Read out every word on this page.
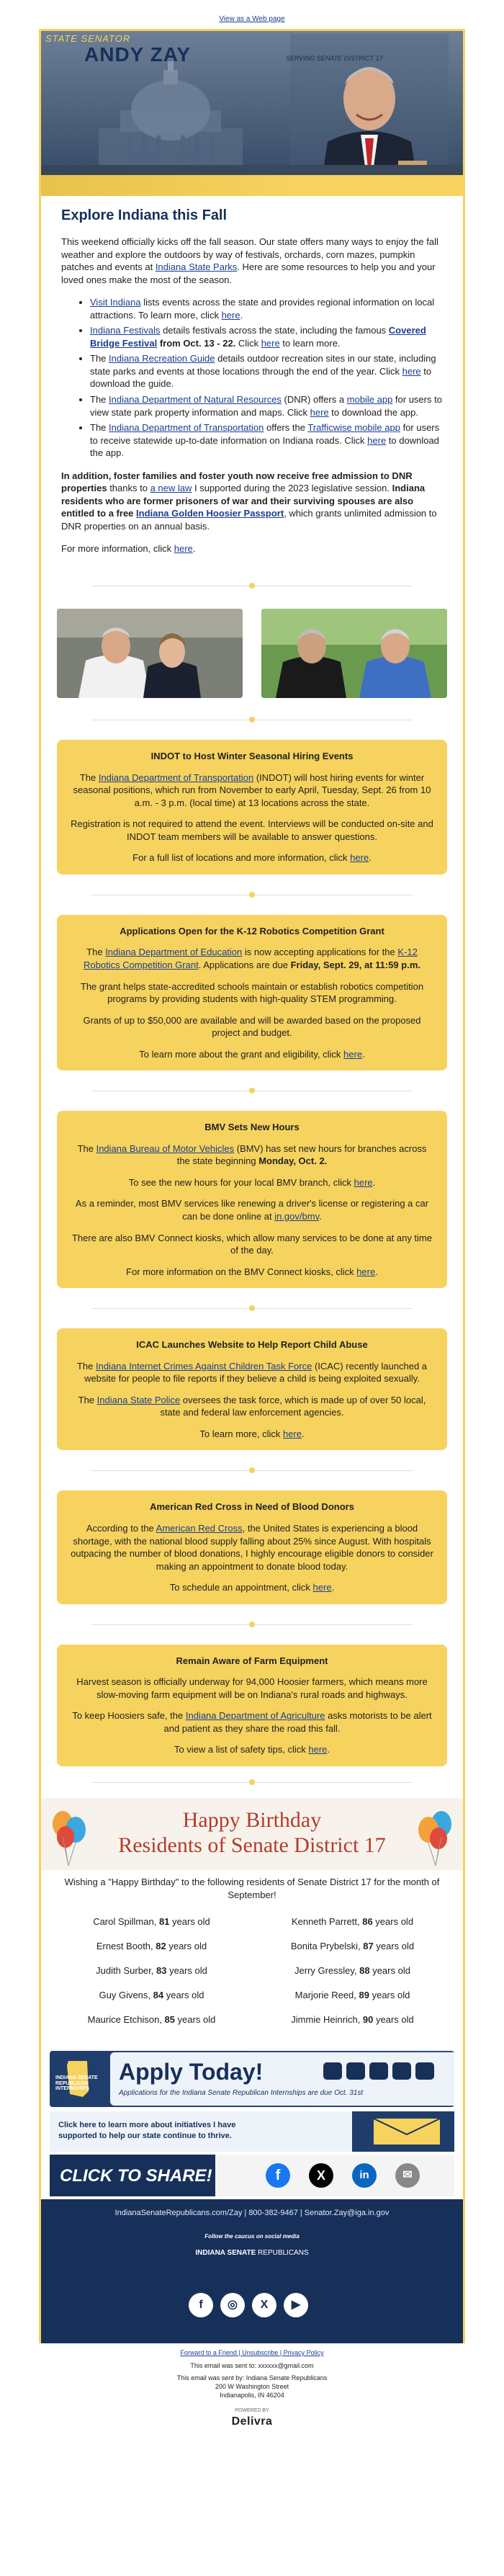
View as a Web page
STATE SENATOR
ANDY ZAY	SERVING SENATE DISTRICT 17
Explore Indiana this Fall

This weekend officially kicks off the fall season. Our state offers many ways to enjoy the fall weather and explore the outdoors by way of festivals, orchards, corn mazes, pumpkin patches and events at Indiana State Parks. Here are some resources to help you and your loved ones make the most of the season.

• Visit Indiana lists events across the state and provides regional information on local attractions. To learn more, click here.
• Indiana Festivals details festivals across the state, including the famous Covered Bridge Festival from Oct. 13 - 22. Click here to learn more.
• The Indiana Recreation Guide details outdoor recreation sites in our state, including state parks and events at those locations through the end of the year. Click here to download the guide.
• The Indiana Department of Natural Resources (DNR) offers a mobile app for users to view state park property information and maps. Click here to download the app.
• The Indiana Department of Transportation offers the Trafficwise mobile app for users to receive statewide up-to-date information on Indiana roads. Click here to download the app.

In addition, foster families and foster youth now receive free admission to DNR properties thanks to a new law I supported during the 2023 legislative session. Indiana residents who are former prisoners of war and their surviving spouses are also entitled to a free Indiana Golden Hoosier Passport, which grants unlimited admission to DNR properties on an annual basis.

For more information, click here.

INDOT to Host Winter Seasonal Hiring Events

The Indiana Department of Transportation (INDOT) will host hiring events for winter seasonal positions, which run from November to early April, Tuesday, Sept. 26 from 10 a.m. - 3 p.m. (local time) at 13 locations across the state.

Registration is not required to attend the event. Interviews will be conducted on-site and INDOT team members will be available to answer questions.

For a full list of locations and more information, click here.

Applications Open for the K-12 Robotics Competition Grant

The Indiana Department of Education is now accepting applications for the K-12 Robotics Competition Grant. Applications are due Friday, Sept. 29, at 11:59 p.m.

The grant helps state-accredited schools maintain or establish robotics competition programs by providing students with high-quality STEM programming.

Grants of up to $50,000 are available and will be awarded based on the proposed project and budget.

To learn more about the grant and eligibility, click here.

BMV Sets New Hours

The Indiana Bureau of Motor Vehicles (BMV) has set new hours for branches across the state beginning Monday, Oct. 2.

To see the new hours for your local BMV branch, click here.

As a reminder, most BMV services like renewing a driver's license or registering a car can be done online at in.gov/bmv.

There are also BMV Connect kiosks, which allow many services to be done at any time of the day.

For more information on the BMV Connect kiosks, click here.

ICAC Launches Website to Help Report Child Abuse

The Indiana Internet Crimes Against Children Task Force (ICAC) recently launched a website for people to file reports if they believe a child is being exploited sexually.

The Indiana State Police oversees the task force, which is made up of over 50 local, state and federal law enforcement agencies.

To learn more, click here.

American Red Cross in Need of Blood Donors

According to the American Red Cross, the United States is experiencing a blood shortage, with the national blood supply falling about 25% since August. With hospitals outpacing the number of blood donations, I highly encourage eligible donors to consider making an appointment to donate blood today.

To schedule an appointment, click here.

Remain Aware of Farm Equipment

Harvest season is officially underway for 94,000 Hoosier farmers, which means more slow-moving farm equipment will be on Indiana's rural roads and highways.

To keep Hoosiers safe, the Indiana Department of Agriculture asks motorists to be alert and patient as they share the road this fall.

To view a list of safety tips, click here.

Happy Birthday
Residents of Senate District 17
Wishing a "Happy Birthday" to the following residents of Senate District 17 for the month of September!
Carol Spillman, 81 years old	Kenneth Parrett, 86 years old
Ernest Booth, 82 years old	Bonita Prybelski, 87 years old
Judith Surber, 83 years old	Jerry Gressley, 88 years old
Guy Givens, 84 years old	Marjorie Reed, 89 years old
Maurice Etchison, 85 years old	Jimmie Heinrich, 90 years old
INDIANA SENATE
REPUBLICAN
INTERNSHIPS
Apply Today!
Applications for the Indiana Senate Republican Internships are due Oct. 31st
Click here to learn more about initiatives I have
supported to help our state continue to thrive.
CLICK TO SHARE!	f	X	in	✉
IndianaSenateRepublicans.com/Zay | 800-382-9467 | Senator.Zay@iga.in.gov
Follow the caucus on social media
INDIANA SENATE REPUBLICANS
f	◎	X	▶
Forward to a Friend | Unsubscribe | Privacy Policy
This email was sent to: xxxxxx@gmail.com
This email was sent by: Indiana Senate Republicans
200 W Washington Street
Indianapolis, IN 46204
POWERED BY
Delivra
